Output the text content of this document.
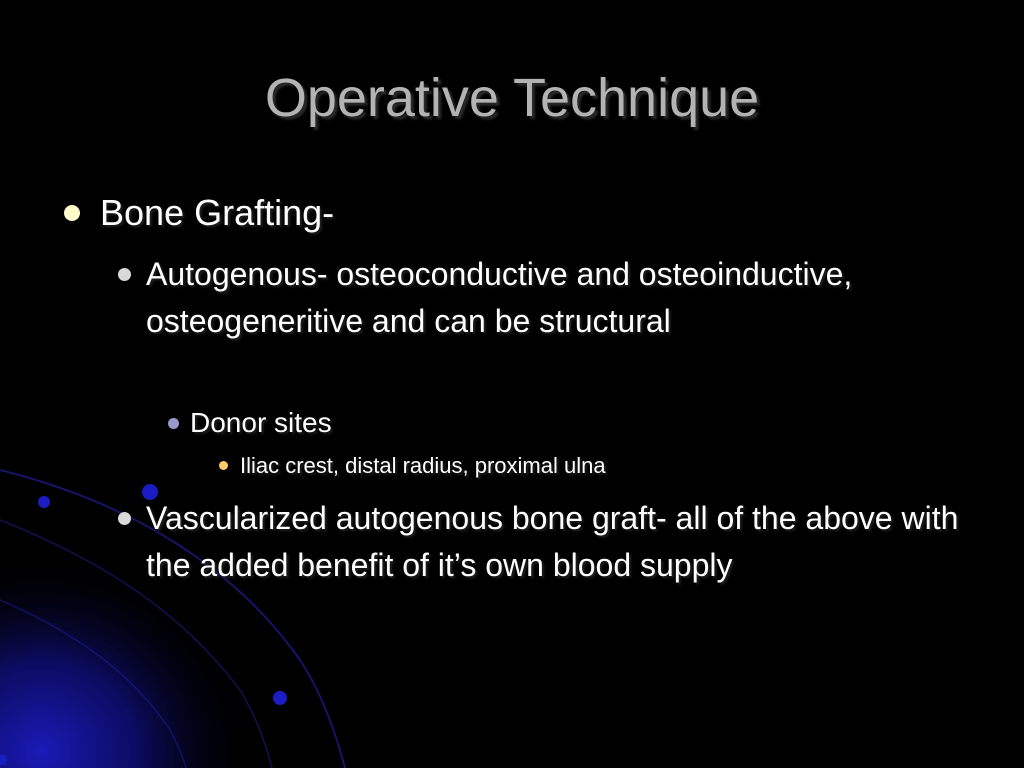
Operative Technique
Bone Grafting-
Autogenous- osteoconductive and osteoinductive, osteogeneritive and can be structural
Donor sites
Iliac crest, distal radius, proximal ulna
Vascularized autogenous bone graft- all of the above with the added benefit of it’s own blood supply
